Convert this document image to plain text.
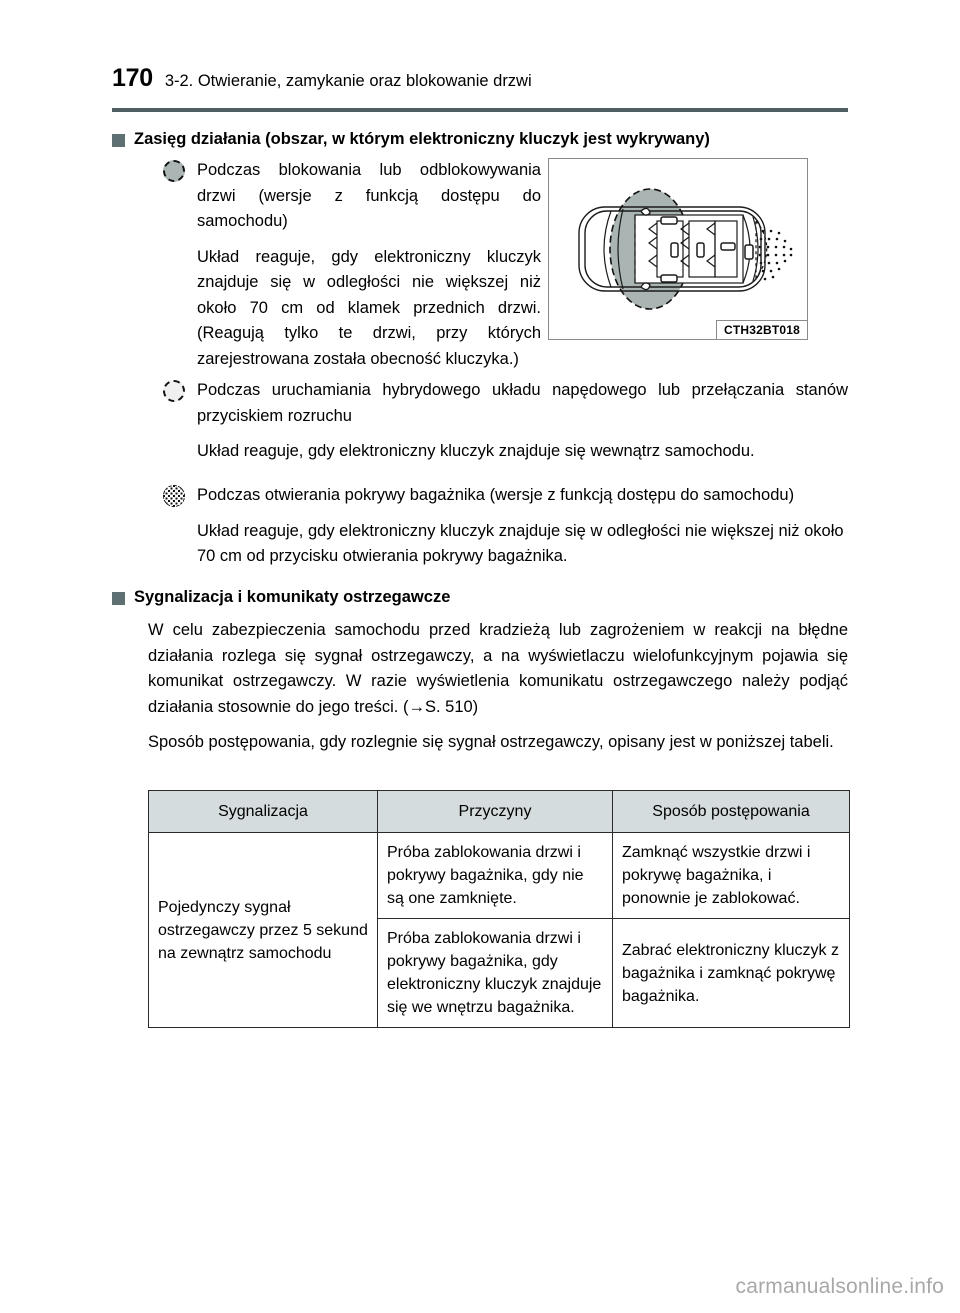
170 3-2. Otwieranie, zamykanie oraz blokowanie drzwi
Zasięg działania (obszar, w którym elektroniczny kluczyk jest wykrywany)
CTH32BT018

Podczas blokowania lub odblokowywania drzwi (wersje z funkcją dostępu do samochodu)

Układ reaguje, gdy elektroniczny kluczyk znajduje się w odległości nie większej niż około 70 cm od klamek przednich drzwi. (Reagują tylko te drzwi, przy których zarejestrowana została obecność kluczyka.)

Podczas uruchamiania hybrydowego układu napędowego lub przełączania stanów przyciskiem rozruchu

Układ reaguje, gdy elektroniczny kluczyk znajduje się wewnątrz samochodu.

Podczas otwierania pokrywy bagażnika (wersje z funkcją dostępu do samochodu)

Układ reaguje, gdy elektroniczny kluczyk znajduje się w odległości nie większej niż około 70 cm od przycisku otwierania pokrywy bagażnika.

Sygnalizacja i komunikaty ostrzegawcze

W celu zabezpieczenia samochodu przed kradzieżą lub zagrożeniem w reakcji na błędne działania rozlega się sygnał ostrzegawczy, a na wyświetlaczu wielofunkcyjnym pojawia się komunikat ostrzegawczy. W razie wyświetlenia komunikatu ostrzegawczego należy podjąć działania stosownie do jego treści. (→S. 510)

Sposób postępowania, gdy rozlegnie się sygnał ostrzegawczy, opisany jest w poniższej tabeli.

Sygnalizacja	Przyczyny	Sposób postępowania
Pojedynczy sygnał ostrzegawczy przez 5 sekund na zewnątrz samochodu	Próba zablokowania drzwi i pokrywy bagażnika, gdy nie są one zamknięte.	Zamknąć wszystkie drzwi i pokrywę bagażnika, i ponownie je zablokować.
	Próba zablokowania drzwi i pokrywy bagażnika, gdy elektroniczny kluczyk znajduje się we wnętrzu bagażnika.	Zabrać elektroniczny kluczyk z bagażnika i zamknąć pokrywę bagażnika.
carmanualsonline.info
